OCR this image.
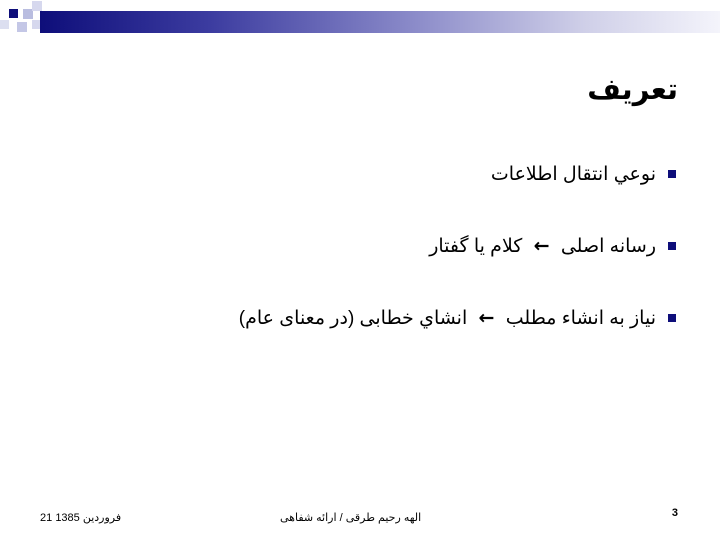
تعريف
نوعي انتقال اطلاعات
رسانه اصلی ← کلام یا گفتار
نیاز به انشاء مطلب ← انشاي خطابی (در معنای عام)
3
الهه رحیم طرقی / ارائه شفاهی
فروردین 1385 21
